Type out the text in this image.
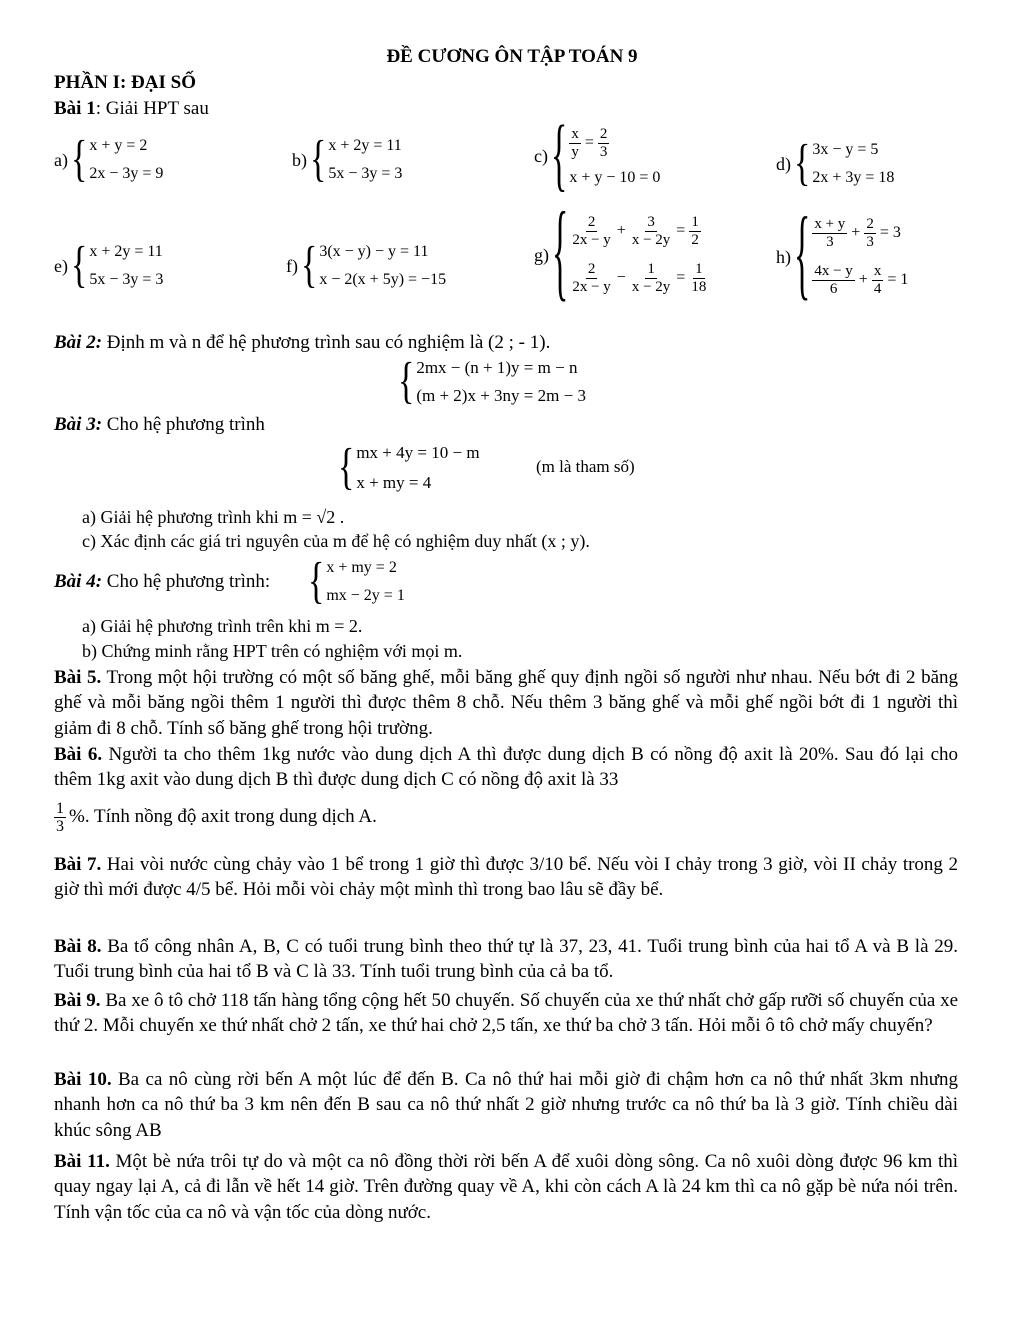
ĐỀ CƯƠNG ÔN TẬP TOÁN 9
PHẦN I: ĐẠI SỐ
Bài 1: Giải HPT sau
a) { x + y = 2
2x − 3y = 9
b) { x + 2y = 11
5x − 3y = 3
c) { $\frac{x}{y} = \frac{2}{3}$
x + y − 10 = 0
d) { 3x − y = 5
2x + 3y = 18
e) { x + 2y = 11
5x − 3y = 3
f) { 3(x − y) − y = 11
x − 2(x + 5y) = −15
g) { $\frac{2}{2x - y} + \frac{3}{x - 2y} = \frac{1}{2}$
$\frac{2}{2x - y} - \frac{1}{x - 2y} = \frac{1}{18}$
h) { $\frac{x + y}{3} + \frac{2}{3} = 3$
$\frac{4x - y}{6} + \frac{x}{4} = 1$
Bài 2: Định m và n để hệ phương trình sau có nghiệm là (2 ; - 1).
{ 2mx − (n + 1)y = m − n
(m + 2)x + 3ny = 2m − 3
Bài 3: Cho hệ phương trình
{ mx + 4y = 10 − m
x + my = 4
(m là tham số)
a) Giải hệ phương trình khi m = √2 .
c) Xác định các giá tri nguyên của m để hệ có nghiệm duy nhất (x ; y).
Bài 4: Cho hệ phương trình: { x + my = 2
mx − 2y = 1
a) Giải hệ phương trình trên khi m = 2.
b) Chứng minh rằng HPT trên có nghiệm với mọi m.
Bài 5. Trong một hội trường có một số băng ghế, mỗi băng ghế quy định ngồi số người như nhau. Nếu bớt đi 2 băng ghế và mỗi băng ngồi thêm 1 người thì được thêm 8 chỗ. Nếu thêm 3 băng ghế và mỗi ghế ngồi bớt đi 1 người thì giảm đi 8 chỗ. Tính số băng ghế trong hội trường.
Bài 6. Người ta cho thêm 1kg nước vào dung dịch A thì được dung dịch B có nồng độ axit là 20%. Sau đó lại cho thêm 1kg axit vào dung dịch B thì được dung dịch C có nồng độ axit là 33
$\frac{1}{3}$ %. Tính nồng độ axit trong dung dịch A.
Bài 7. Hai vòi nước cùng chảy vào 1 bể trong 1 giờ thì được 3/10 bể. Nếu vòi I chảy trong 3 giờ, vòi II chảy trong 2 giờ thì mới được 4/5 bể. Hỏi mỗi vòi chảy một mình thì trong bao lâu sẽ đầy bể.
Bài 8. Ba tổ công nhân A, B, C có tuổi trung bình theo thứ tự là 37, 23, 41. Tuổi trung bình của hai tổ A và B là 29. Tuổi trung bình của hai tổ B và C là 33. Tính tuổi trung bình của cả ba tổ.
Bài 9. Ba xe ô tô chở 118 tấn hàng tổng cộng hết 50 chuyến. Số chuyến của xe thứ nhất chở gấp rưỡi số chuyến của xe thứ 2. Mỗi chuyến xe thứ nhất chở 2 tấn, xe thứ hai chở 2,5 tấn, xe thứ ba chở 3 tấn. Hỏi mỗi ô tô chở mấy chuyến?
Bài 10. Ba ca nô cùng rời bến A một lúc để đến B. Ca nô thứ hai mỗi giờ đi chậm hơn ca nô thứ nhất 3km nhưng nhanh hơn ca nô thứ ba 3 km nên đến B sau ca nô thứ nhất 2 giờ nhưng trước ca nô thứ ba là 3 giờ. Tính chiều dài khúc sông AB
Bài 11. Một bè nứa trôi tự do và một ca nô đồng thời rời bến A để xuôi dòng sông. Ca nô xuôi dòng được 96 km thì quay ngay lại A, cả đi lẫn về hết 14 giờ. Trên đường quay về A, khi còn cách A là 24 km thì ca nô gặp bè nứa nói trên. Tính vận tốc của ca nô và vận tốc của dòng nước.
